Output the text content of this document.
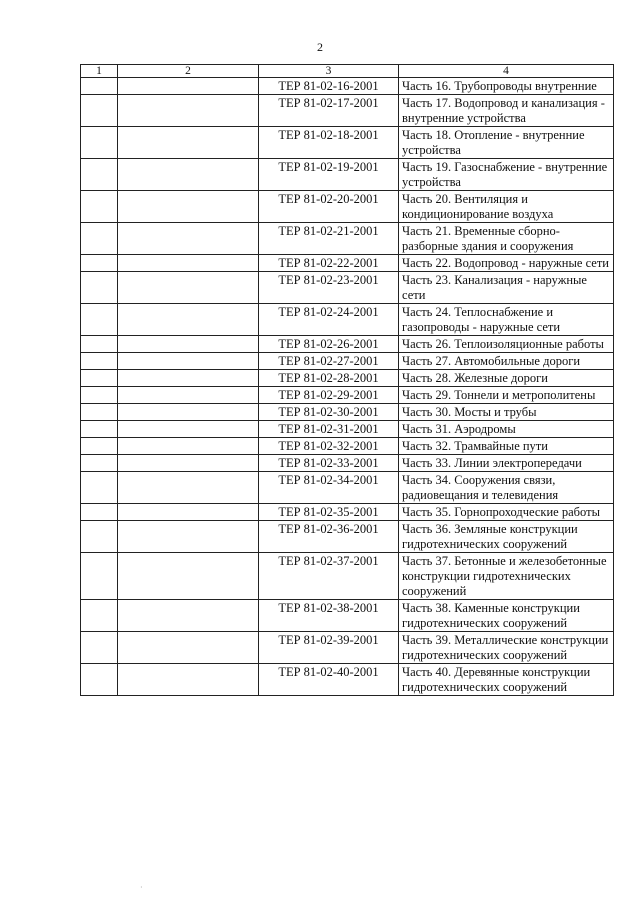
2
1	2	3	4
		ТЕР 81-02-16-2001	Часть 16. Трубопроводы внутренние
		ТЕР 81-02-17-2001	Часть 17. Водопровод и канализация - внутренние устройства
		ТЕР 81-02-18-2001	Часть 18. Отопление - внутренние устройства
		ТЕР 81-02-19-2001	Часть 19. Газоснабжение - внутренние устройства
		ТЕР 81-02-20-2001	Часть 20. Вентиляция и кондиционирование воздуха
		ТЕР 81-02-21-2001	Часть 21. Временные сборно-разборные здания и сооружения
		ТЕР 81-02-22-2001	Часть 22. Водопровод - наружные сети
		ТЕР 81-02-23-2001	Часть 23. Канализация - наружные сети
		ТЕР 81-02-24-2001	Часть 24. Теплоснабжение и газопроводы - наружные сети
		ТЕР 81-02-26-2001	Часть 26. Теплоизоляционные работы
		ТЕР 81-02-27-2001	Часть 27. Автомобильные дороги
		ТЕР 81-02-28-2001	Часть 28. Железные дороги
		ТЕР 81-02-29-2001	Часть 29. Тоннели и метрополитены
		ТЕР 81-02-30-2001	Часть 30. Мосты и трубы
		ТЕР 81-02-31-2001	Часть 31. Аэродромы
		ТЕР 81-02-32-2001	Часть 32. Трамвайные пути
		ТЕР 81-02-33-2001	Часть 33. Линии электропередачи
		ТЕР 81-02-34-2001	Часть 34. Сооружения связи, радиовещания и телевидения
		ТЕР 81-02-35-2001	Часть 35. Горнопроходческие работы
		ТЕР 81-02-36-2001	Часть 36. Земляные конструкции гидротехнических сооружений
		ТЕР 81-02-37-2001	Часть 37. Бетонные и железобетонные конструкции гидротехнических сооружений
		ТЕР 81-02-38-2001	Часть 38. Каменные конструкции гидротехнических сооружений
		ТЕР 81-02-39-2001	Часть 39. Металлические конструкции гидротехнических сооружений
		ТЕР 81-02-40-2001	Часть 40. Деревянные конструкции гидротехнических сооружений
·
